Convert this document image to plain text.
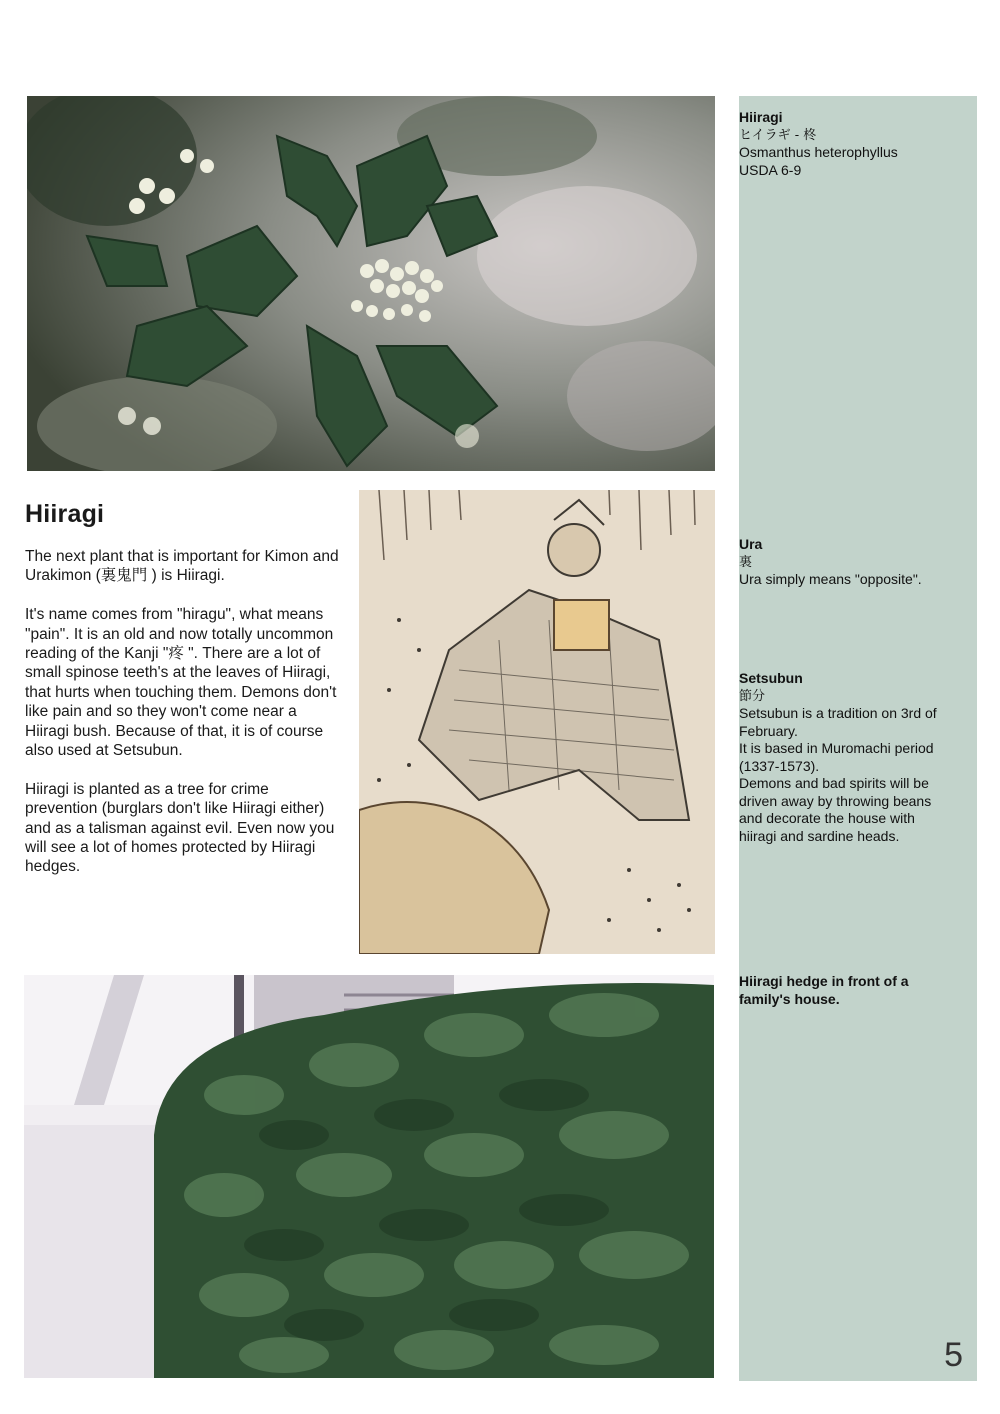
Hiiragi
ヒイラギ - 柊
Osmanthus heterophyllus
USDA 6-9
Ura
裏
Ura simply means "opposite".
Setsubun
節分
Setsubun is a tradition on 3rd of February.
It is based in Muromachi period (1337-1573).
Demons and bad spirits will be driven away by throwing beans and decorate the house with hiiragi and sardine heads.
Hiiragi hedge in front of a family's house.
5
Hiiragi

The next plant that is important for Kimon and Urakimon (裏鬼門 ) is Hiiragi.

It's name comes from "hiragu", what means "pain". It is an old and now totally uncommon reading of the Kanji "疼 ". There are a lot of small spinose teeth's at the leaves of Hiiragi, that hurts when touching them. Demons don't like pain and so they won't come near a Hiiragi bush. Because of that, it is of course also used at Setsubun.

Hiiragi is planted as a tree for crime prevention (burglars don't like Hiiragi either) and as a talisman against evil. Even now you will see a lot of homes protected by Hiiragi hedges.
